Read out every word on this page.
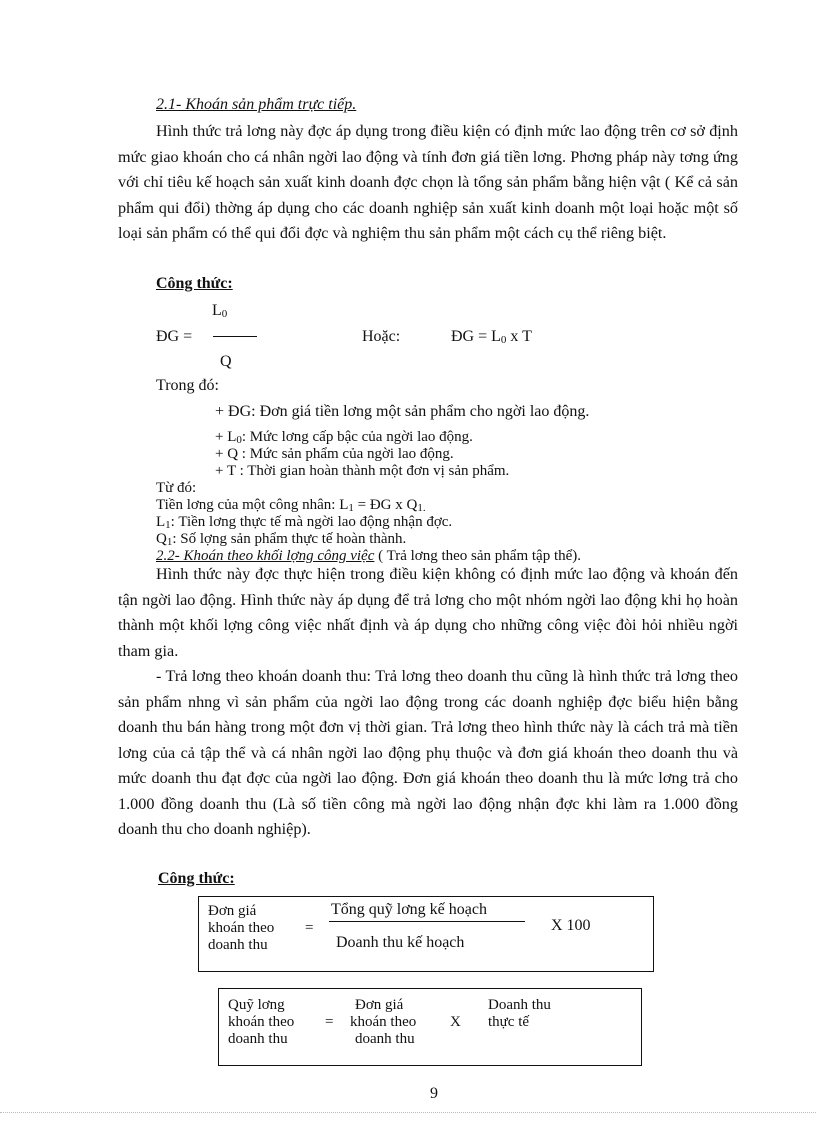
2.1- Khoán sản phẩm trực tiếp.
Hình thức trả lơng này đợc áp dụng trong điều kiện có định mức lao động trên cơ sở định mức giao khoán cho cá nhân ngời lao động và tính đơn giá tiền lơng. Phơng pháp này tơng ứng với chỉ tiêu kế hoạch sản xuất kinh doanh đợc chọn là tổng sản phẩm bằng hiện vật ( Kể cả sản phẩm qui đổi) thờng áp dụng cho các doanh nghiệp sản xuất kinh doanh một loại hoặc một số loại sản phẩm có thể qui đổi đợc và nghiệm thu sản phẩm một cách cụ thể riêng biệt.
Công thức:
$L_0$
ĐG =
Q
Hoặc:	ĐG = $L_0$ x T
Trong đó:
+ ĐG: Đơn giá tiền lơng một sản phẩm cho ngời lao động.
+ $L_0$: Mức lơng cấp bậc của ngời lao động.
+ Q : Mức sản phẩm của ngời lao động.
+ T : Thời gian hoàn thành một đơn vị sản phẩm.
Từ đó:
Tiền lơng của một công nhân: $L_1$ = ĐG x $Q_{1.}$
$L_1$: Tiền lơng thực tế mà ngời lao động nhận đợc.
$Q_1$: Số lợng sản phẩm thực tế hoàn thành.
2.2- Khoán theo khối lợng công việc ( Trả lơng theo sản phẩm tập thể).
Hình thức này đợc thực hiện trong điều kiện không có định mức lao động và khoán đến tận ngời lao động. Hình thức này áp dụng để trả lơng cho một nhóm ngời lao động khi họ hoàn thành một khối lợng công việc nhất định và áp dụng cho những công việc đòi hỏi nhiều ngời tham gia.
- Trả lơng theo khoán doanh thu: Trả lơng theo doanh thu cũng là hình thức trả lơng theo sản phẩm nhng vì sản phẩm của ngời lao động trong các doanh nghiệp đợc biểu hiện bằng doanh thu bán hàng trong một đơn vị thời gian. Trả lơng theo hình thức này là cách trả mà tiền lơng của cả tập thể và cá nhân ngời lao động phụ thuộc và đơn giá khoán theo doanh thu và mức doanh thu đạt đợc của ngời lao động. Đơn giá khoán theo doanh thu là mức lơng trả cho 1.000 đồng doanh thu (Là số tiền công mà ngời lao động nhận đợc khi làm ra 1.000 đồng doanh thu cho doanh nghiệp).
Công thức:
Đơn giá
khoán theo
doanh thu
=
Tổng quỹ lơng kế hoạch
Doanh thu kế hoạch
X 100
Quỹ lơng
khoán theo
doanh thu
=
Đơn giá
khoán theo
doanh thu
X
Doanh thu
thực tế
9
